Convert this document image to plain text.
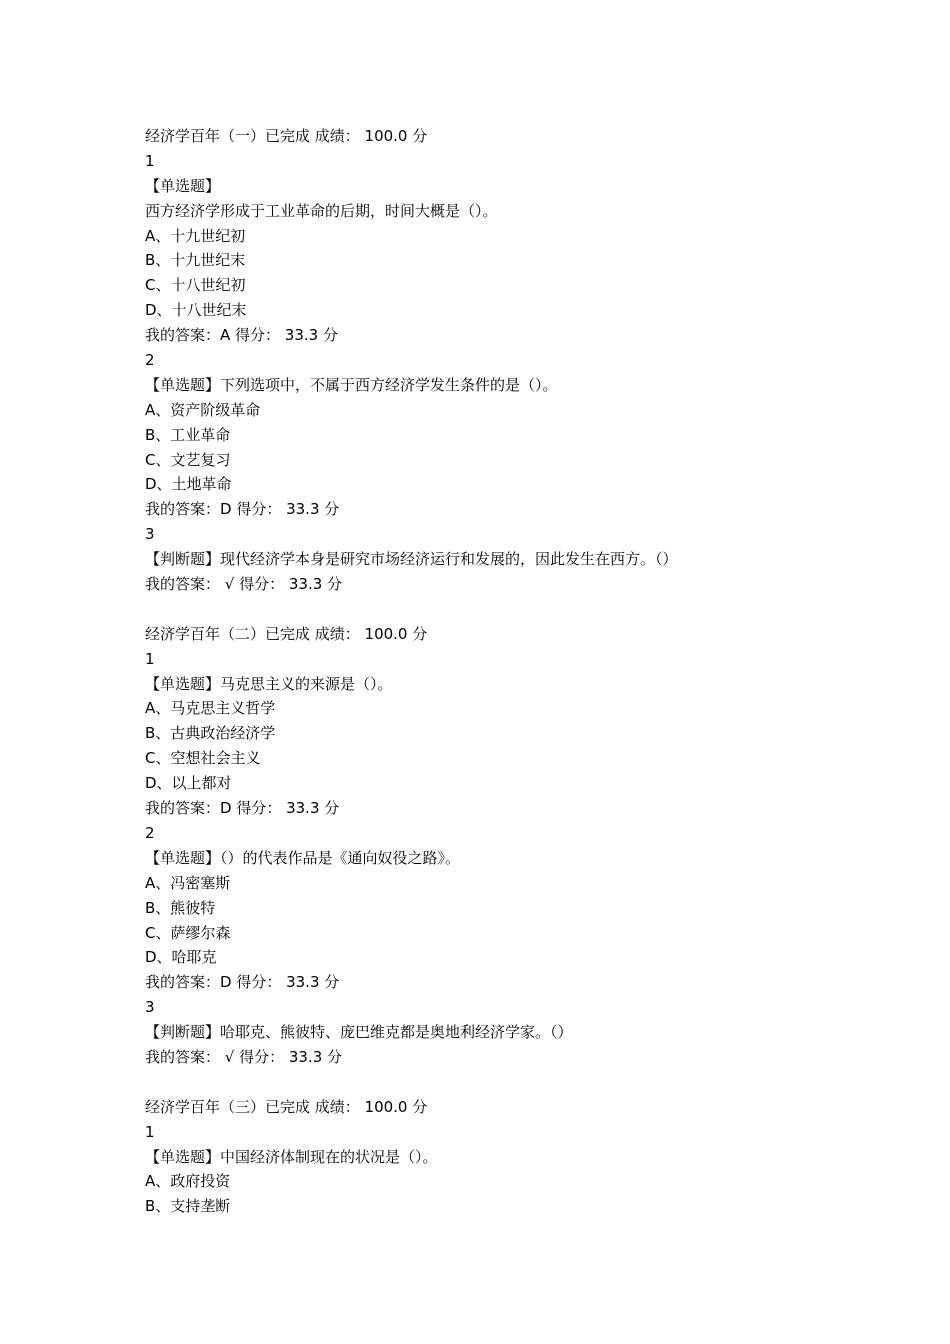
经济学百年（一）已完成 成绩： 100.0 分
1
【单选题】
西方经济学形成于工业革命的后期，时间大概是（）。
A、十九世纪初
B、十九世纪末
C、十八世纪初
D、十八世纪末
我的答案：A 得分： 33.3 分
2
【单选题】下列选项中，不属于西方经济学发生条件的是（）。
A、资产阶级革命
B、工业革命
C、文艺复习
D、土地革命
我的答案：D 得分： 33.3 分
3
【判断题】现代经济学本身是研究市场经济运行和发展的，因此发生在西方。（）
我的答案： √ 得分： 33.3 分
经济学百年（二）已完成 成绩： 100.0 分
1
【单选题】马克思主义的来源是（）。
A、马克思主义哲学
B、古典政治经济学
C、空想社会主义
D、以上都对
我的答案：D 得分： 33.3 分
2
【单选题】（）的代表作品是《通向奴役之路》。
A、冯密塞斯
B、熊彼特
C、萨缪尔森
D、哈耶克
我的答案：D 得分： 33.3 分
3
【判断题】哈耶克、熊彼特、庞巴维克都是奥地利经济学家。（）
我的答案： √ 得分： 33.3 分
经济学百年（三）已完成 成绩： 100.0 分
1
【单选题】中国经济体制现在的状况是（）。
A、政府投资
B、支持垄断
